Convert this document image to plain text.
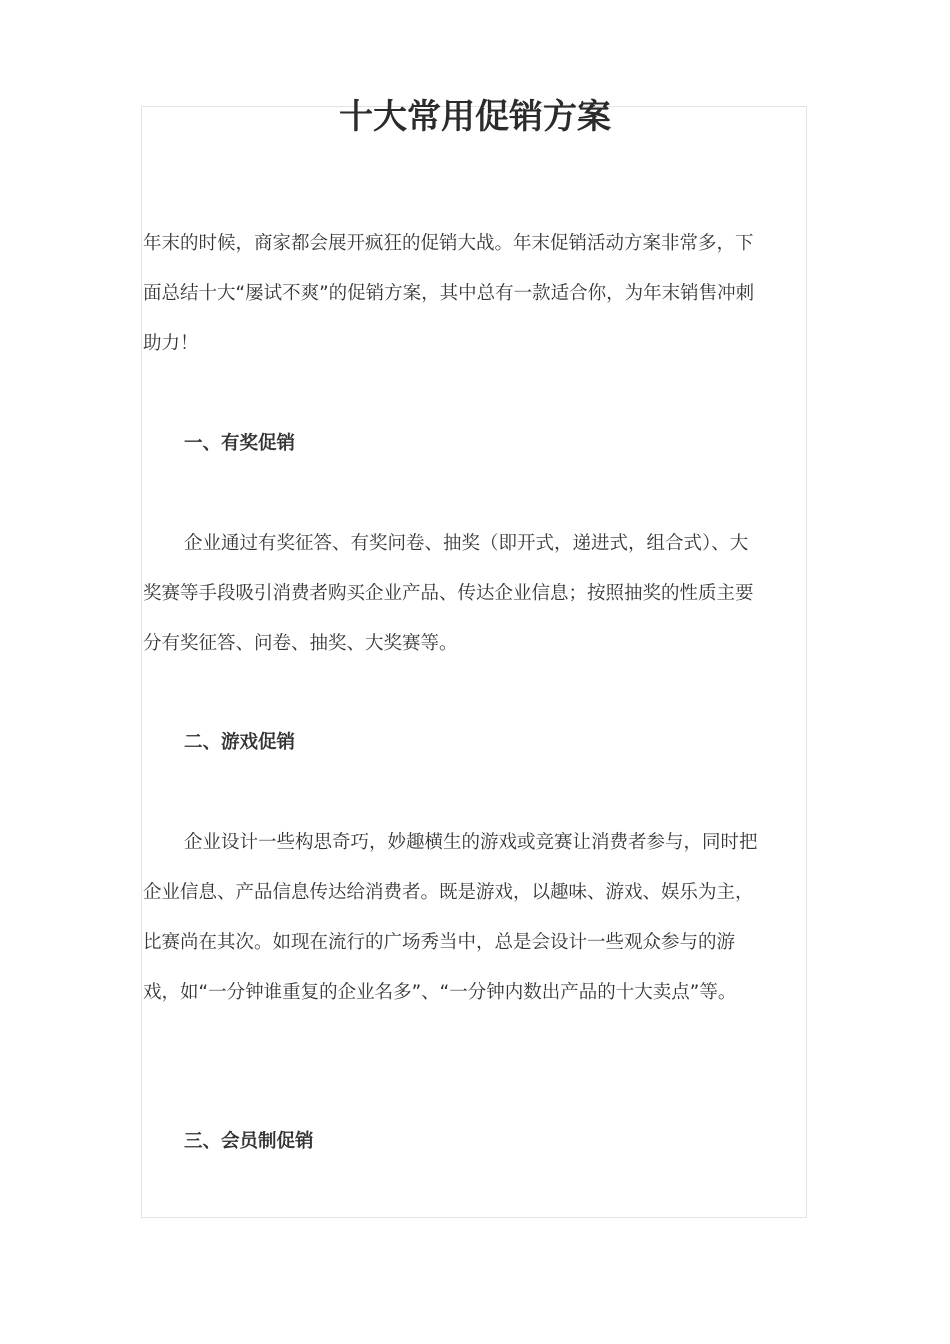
十大常用促销方案

年末的时候，商家都会展开疯狂的促销大战。年末促销活动方案非常多，下面总结十大“屡试不爽”的促销方案，其中总有一款适合你，为年末销售冲刺助力！

一、有奖促销

企业通过有奖征答、有奖问卷、抽奖（即开式，递进式，组合式）、大奖赛等手段吸引消费者购买企业产品、传达企业信息；按照抽奖的性质主要分有奖征答、问卷、抽奖、大奖赛等。

二、游戏促销

企业设计一些构思奇巧，妙趣横生的游戏或竞赛让消费者参与，同时把企业信息、产品信息传达给消费者。既是游戏，以趣味、游戏、娱乐为主，比赛尚在其次。如现在流行的广场秀当中，总是会设计一些观众参与的游戏，如“一分钟谁重复的企业名多”、“一分钟内数出产品的十大卖点”等。

三、会员制促销
